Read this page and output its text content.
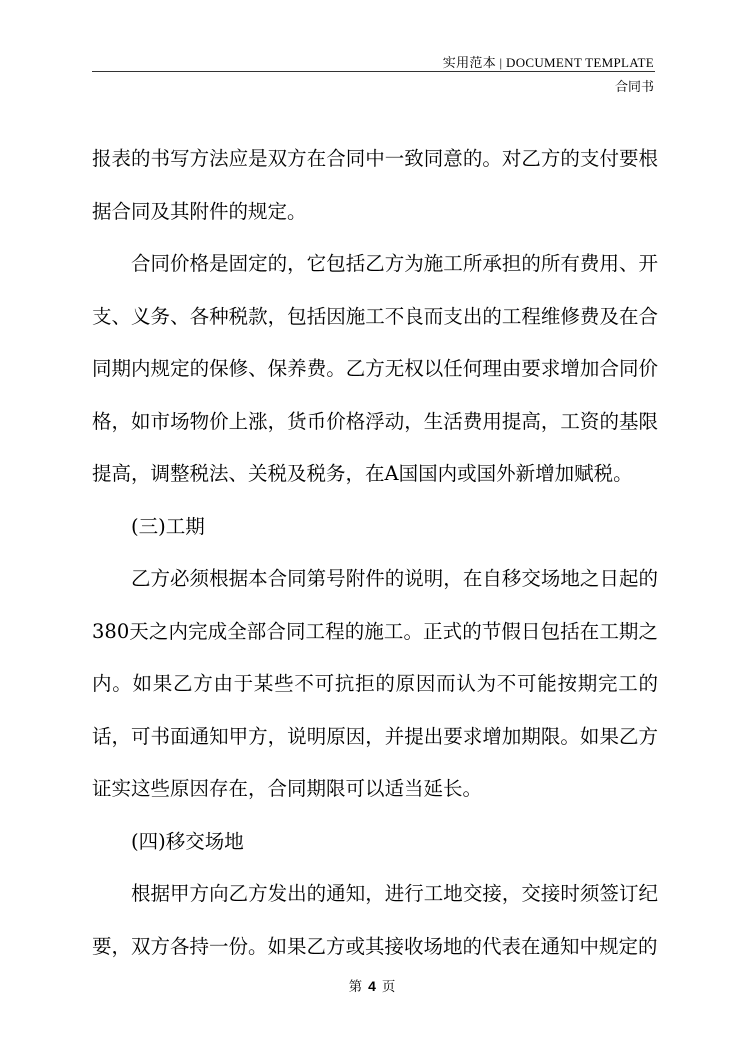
实用范本 | DOCUMENT TEMPLATE
合同书

报表的书写方法应是双方在合同中一致同意的。对乙方的支付要根据合同及其附件的规定。

合同价格是固定的，它包括乙方为施工所承担的所有费用、开支、义务、各种税款，包括因施工不良而支出的工程维修费及在合同期内规定的保修、保养费。乙方无权以任何理由要求增加合同价格，如市场物价上涨，货币价格浮动，生活费用提高，工资的基限提高，调整税法、关税及税务，在A国国内或国外新增加赋税。

(三)工期

乙方必须根据本合同第号附件的说明，在自移交场地之日起的380天之内完成全部合同工程的施工。正式的节假日包括在工期之内。如果乙方由于某些不可抗拒的原因而认为不可能按期完工的话，可书面通知甲方，说明原因，并提出要求增加期限。如果乙方证实这些原因存在，合同期限可以适当延长。

(四)移交场地

根据甲方向乙方发出的通知，进行工地交接，交接时须签订纪要，双方各持一份。如果乙方或其接收场地的代表在通知中规定的

第 4 页
